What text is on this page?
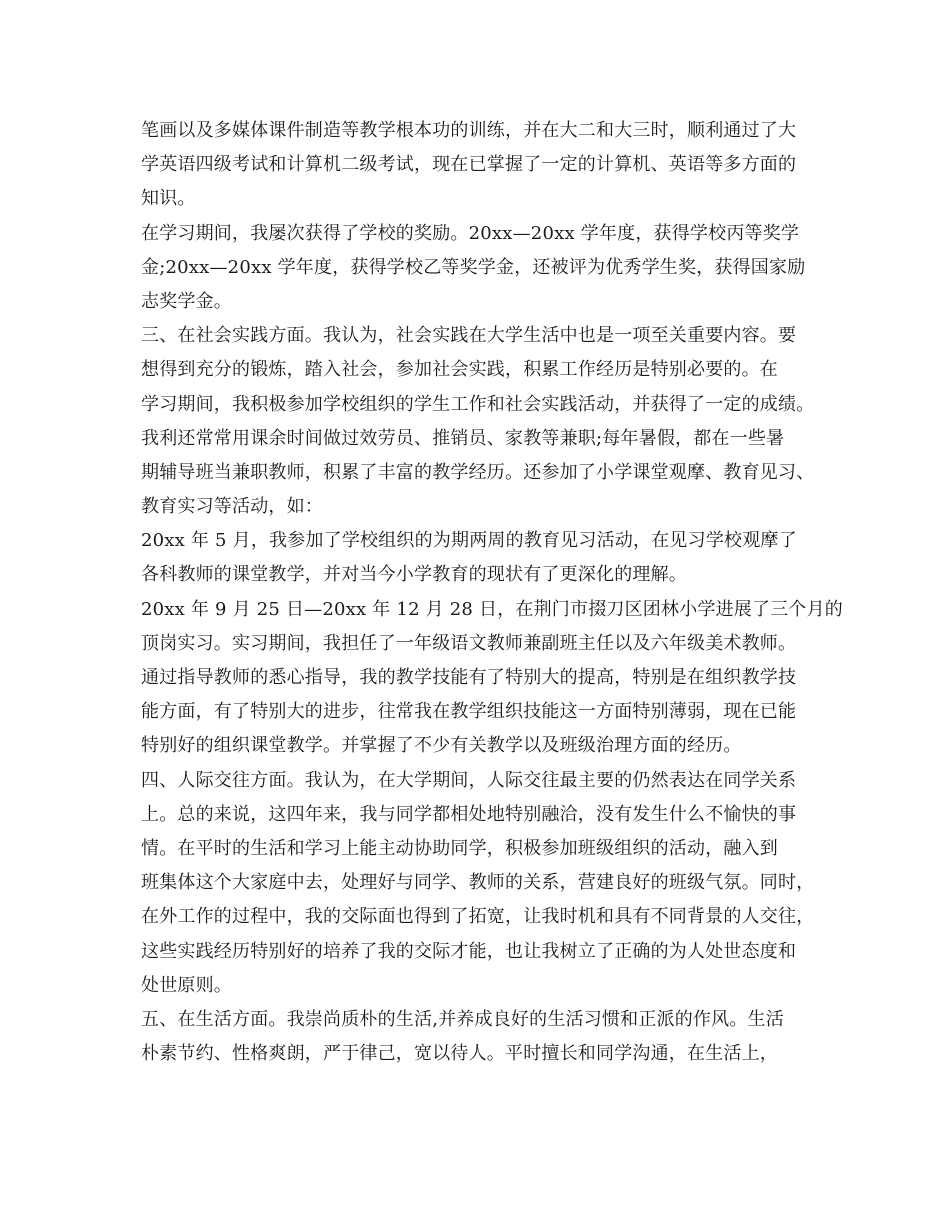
笔画以及多媒体课件制造等教学根本功的训练，并在大二和大三时，顺利通过了大
学英语四级考试和计算机二级考试，现在已掌握了一定的计算机、英语等多方面的
知识。
在学习期间，我屡次获得了学校的奖励。20xx—20xx 学年度，获得学校丙等奖学
金;20xx—20xx 学年度，获得学校乙等奖学金，还被评为优秀学生奖，获得国家励
志奖学金。
三、在社会实践方面。我认为，社会实践在大学生活中也是一项至关重要内容。要
想得到充分的锻炼，踏入社会，参加社会实践，积累工作经历是特别必要的。在
学习期间，我积极参加学校组织的学生工作和社会实践活动，并获得了一定的成绩。
我利还常常用课余时间做过效劳员、推销员、家教等兼职;每年暑假，都在一些暑
期辅导班当兼职教师，积累了丰富的教学经历。还参加了小学课堂观摩、教育见习、
教育实习等活动，如：
20xx 年 5 月，我参加了学校组织的为期两周的教育见习活动，在见习学校观摩了
各科教师的课堂教学，并对当今小学教育的现状有了更深化的理解。
20xx 年 9 月 25 日—20xx 年 12 月 28 日，在荆门市掇刀区团林小学进展了三个月的
顶岗实习。实习期间，我担任了一年级语文教师兼副班主任以及六年级美术教师。
通过指导教师的悉心指导，我的教学技能有了特别大的提高，特别是在组织教学技
能方面，有了特别大的进步，往常我在教学组织技能这一方面特别薄弱，现在已能
特别好的组织课堂教学。并掌握了不少有关教学以及班级治理方面的经历。
四、人际交往方面。我认为，在大学期间，人际交往最主要的仍然表达在同学关系
上。总的来说，这四年来，我与同学都相处地特别融洽，没有发生什么不愉快的事
情。在平时的生活和学习上能主动协助同学，积极参加班级组织的活动，融入到
班集体这个大家庭中去，处理好与同学、教师的关系，营建良好的班级气氛。同时，
在外工作的过程中，我的交际面也得到了拓宽，让我时机和具有不同背景的人交往，
这些实践经历特别好的培养了我的交际才能，也让我树立了正确的为人处世态度和
处世原则。
五、在生活方面。我崇尚质朴的生活,并养成良好的生活习惯和正派的作风。生活
朴素节约、性格爽朗，严于律己，宽以待人。平时擅长和同学沟通，在生活上，
